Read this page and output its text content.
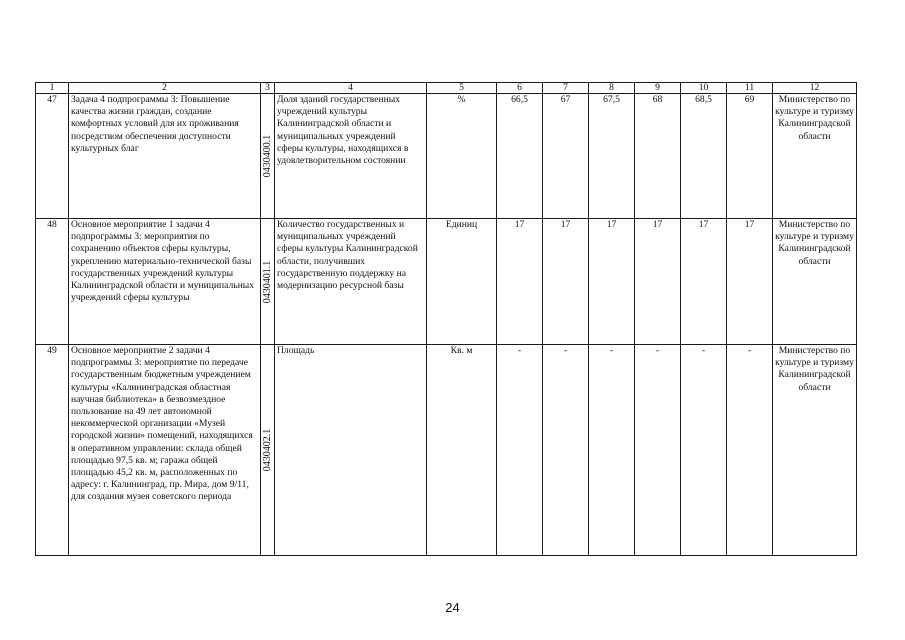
1	2	3	4	5	6	7	8	9	10	11	12
47	Задача 4 подпрограммы 3: Повышение качества жизни граждан, создание комфортных условий для их проживания посредством обеспечения доступности культурных благ	0430400.1	Доля зданий государственных учреждений культуры Калининградской области и муниципальных учреждений сферы культуры, находящихся в удовлетворительном состоянии	%	66,5	67	67,5	68	68,5	69	Министерство по культуре и туризму Калининградской области
48	Основное мероприятие 1 задачи 4 подпрограммы 3: мероприятия по сохранению объектов сферы культуры, укреплению материально-технической базы государственных учреждений культуры Калининградской области и муниципальных учреждений сферы культуры	0430401.1	Количество государственных и муниципальных учреждений сферы культуры Калининградской области, получивших государственную поддержку на модернизацию ресурсной базы	Единиц	17	17	17	17	17	17	Министерство по культуре и туризму Калининградской области
49	Основное мероприятие 2 задачи 4 подпрограммы 3: мероприятие по передаче государственным бюджетным учреждением культуры «Калининградская областная научная библиотека» в безвозмездное пользование на 49 лет автономной некоммерческой организации «Музей городской жизни» помещений, находящихся в оперативном управлении: склада общей площадью 97,5 кв. м; гаража общей площадью 45,2 кв. м, расположенных по адресу: г. Калининград, пр. Мира, дом 9/11, для создания музея советского периода	0430402.1	Площадь	Кв. м	-	-	-	-	-	-	Министерство по культуре и туризму Калининградской области
24
